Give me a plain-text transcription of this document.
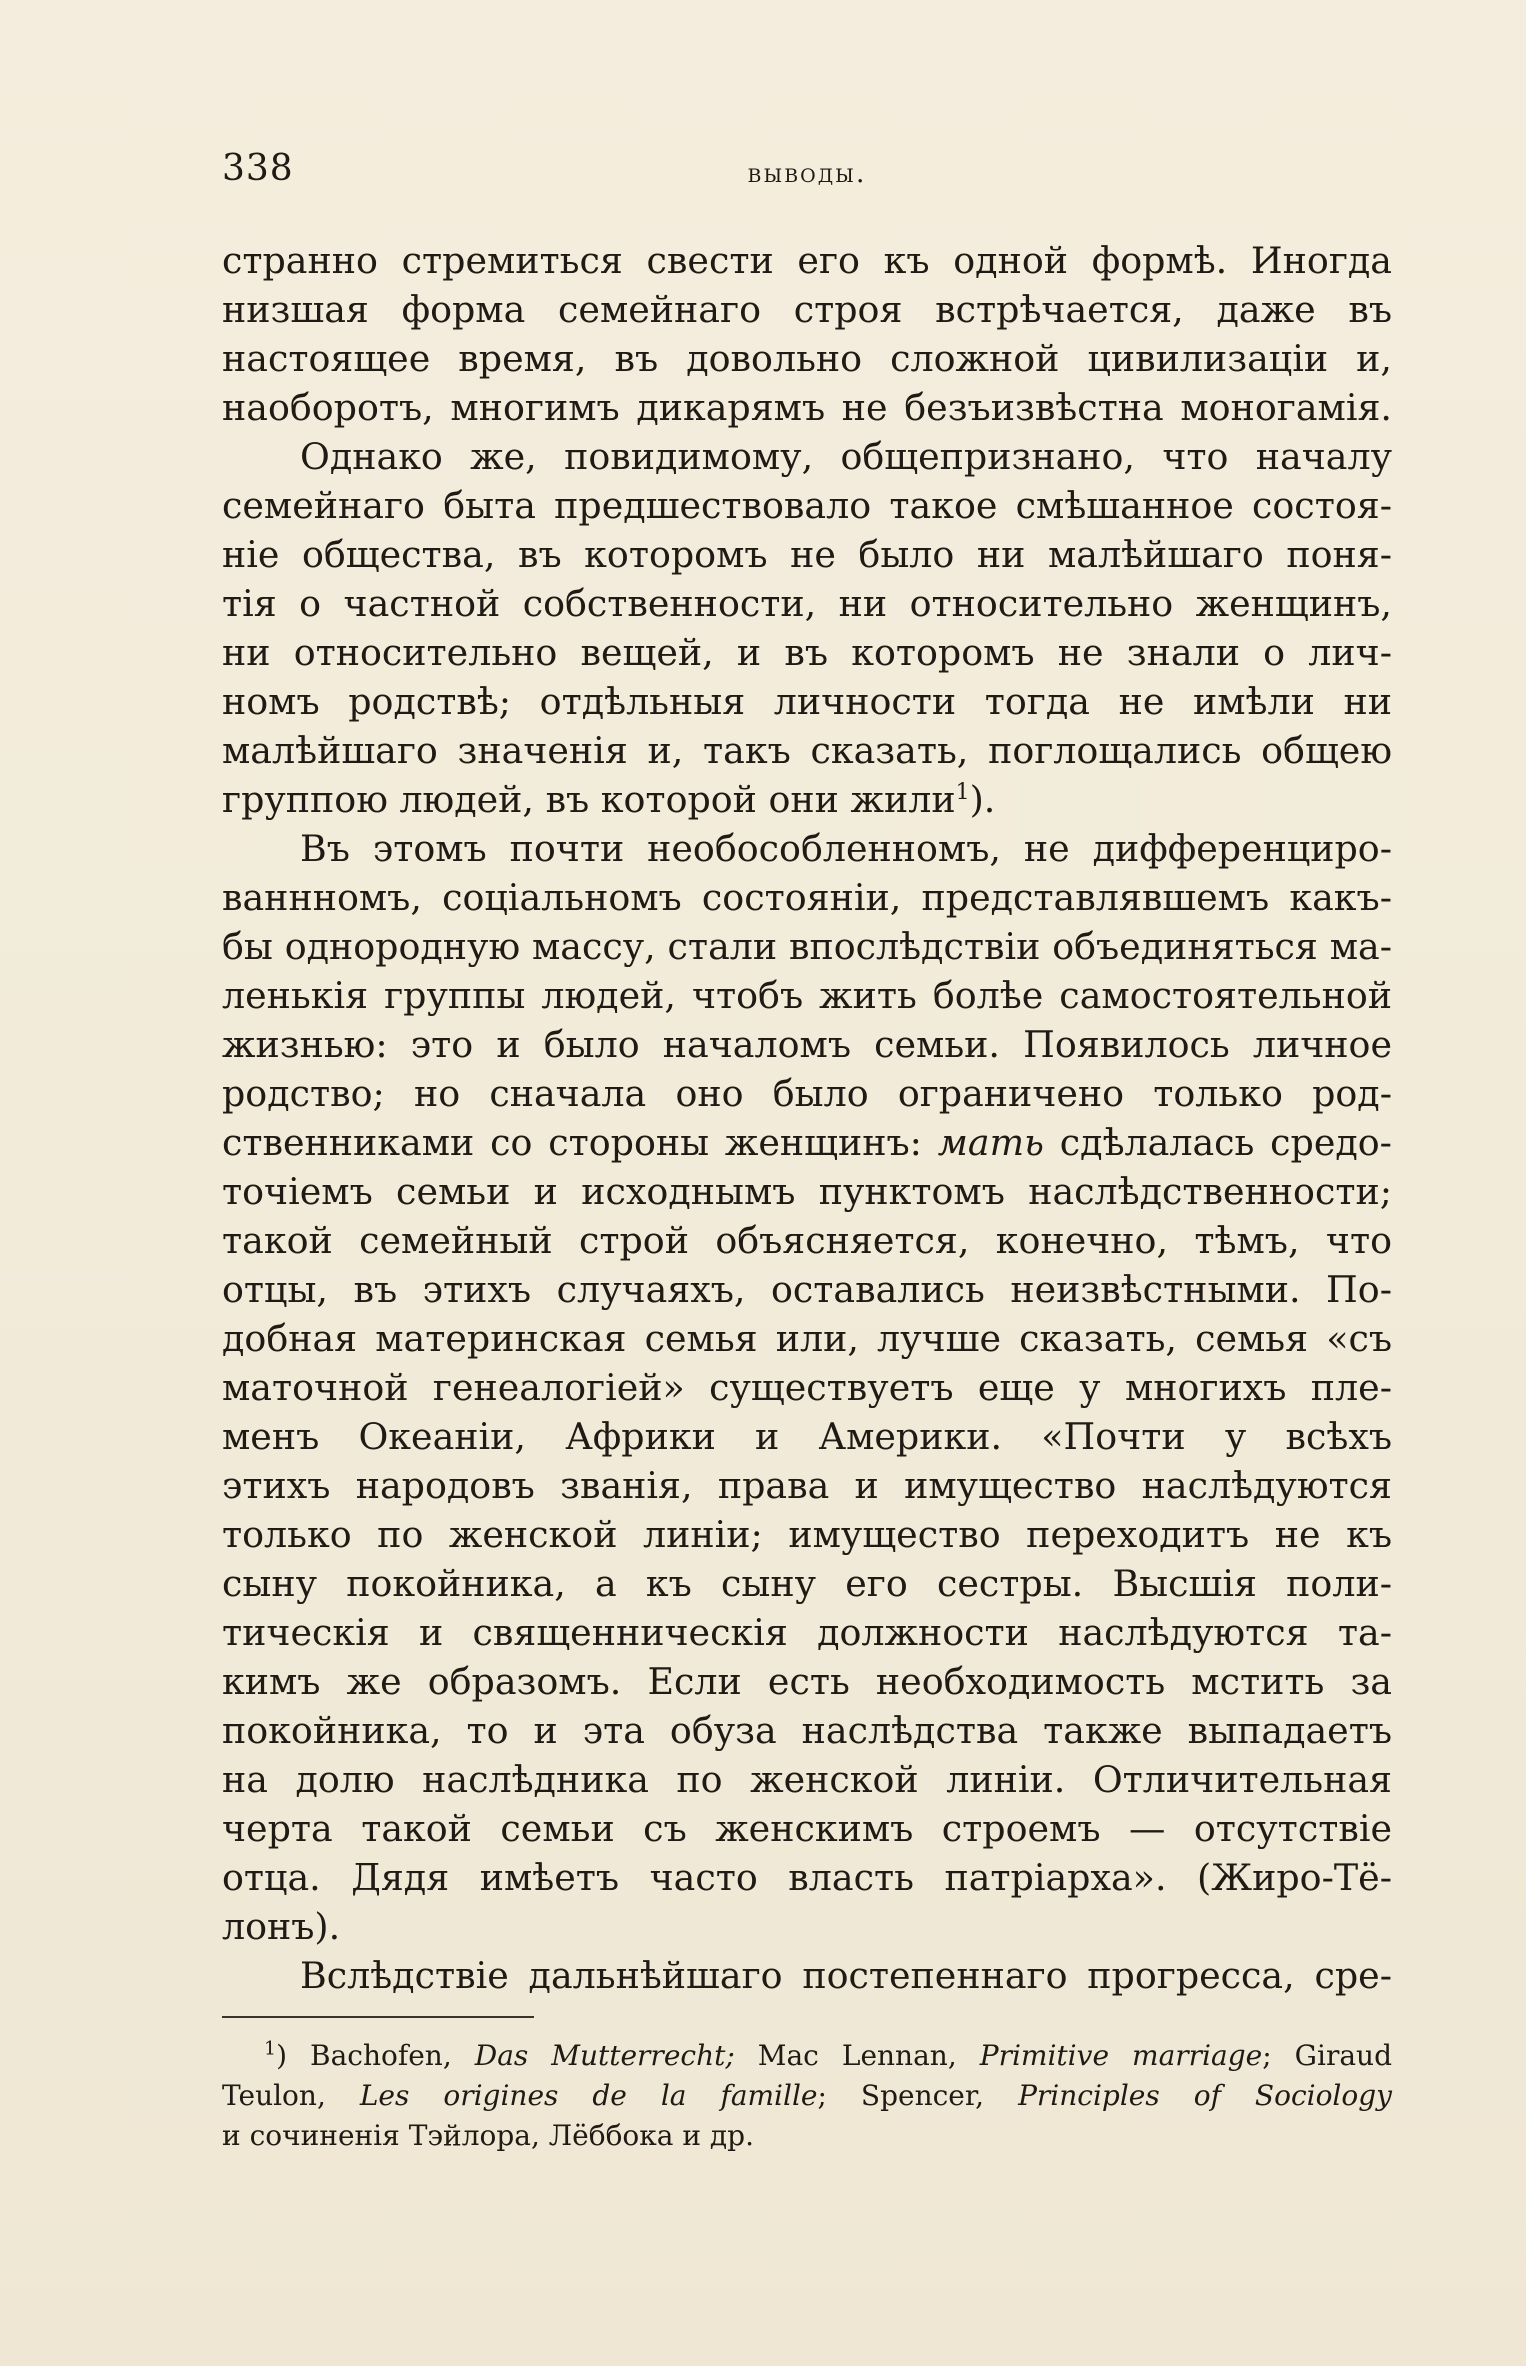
338	выводы.

странно стремиться свести его къ одной формѣ. Иногда
низшая форма семейнаго строя встрѣчается, даже въ
настоящее время, въ довольно сложной цивилизаціи и,
наоборотъ, многимъ дикарямъ не безъизвѣстна моногамія.

Однако же, повидимому, общепризнано, что началу
семейнаго быта предшествовало такое смѣшанное состоя-
ніе общества, въ которомъ не было ни малѣйшаго поня-
тія о частной собственности, ни относительно женщинъ,
ни относительно вещей, и въ которомъ не знали о лич-
номъ родствѣ; отдѣльныя личности тогда не имѣли ни
малѣйшаго значенія и, такъ сказать, поглощались общею
группою людей, въ которой они жили$^1$).

Въ этомъ почти необособленномъ, не дифференциро-
ваннномъ, соціальномъ состояніи, представлявшемъ какъ-
бы однородную массу, стали впослѣдствіи объединяться ма-
ленькія группы людей, чтобъ жить болѣе самостоятельной
жизнью: это и было началомъ семьи. Появилось личное
родство; но сначала оно было ограничено только род-
ственниками со стороны женщинъ: мать сдѣлалась средо-
точіемъ семьи и исходнымъ пунктомъ наслѣдственности;
такой семейный строй объясняется, конечно, тѣмъ, что
отцы, въ этихъ случаяхъ, оставались неизвѣстными. По-
добная материнская семья или, лучше сказать, семья «съ
маточной генеалогіей» существуетъ еще у многихъ пле-
менъ Океаніи, Африки и Америки. «Почти у всѣхъ
этихъ народовъ званія, права и имущество наслѣдуются
только по женской линіи; имущество переходитъ не къ
сыну покойника, а къ сыну его сестры. Высшія поли-
тическія и священническія должности наслѣдуются та-
кимъ же образомъ. Если есть необходимость мстить за
покойника, то и эта обуза наслѣдства также выпадаетъ
на долю наслѣдника по женской линіи. Отличительная
черта такой семьи съ женскимъ строемъ — отсутствіе
отца. Дядя имѣетъ часто власть патріарха». (Жиро-Тё-
лонъ).

Вслѣдствіе дальнѣйшаго постепеннаго прогресса, сре-

$^1$) Bachofen, Das Mutterrecht; Mac Lennan, Primitive marriage; Giraud
Teulon, Les origines de la famille; Spencer, Principles of Sociology
и сочиненія Тэйлора, Лёббока и др.
